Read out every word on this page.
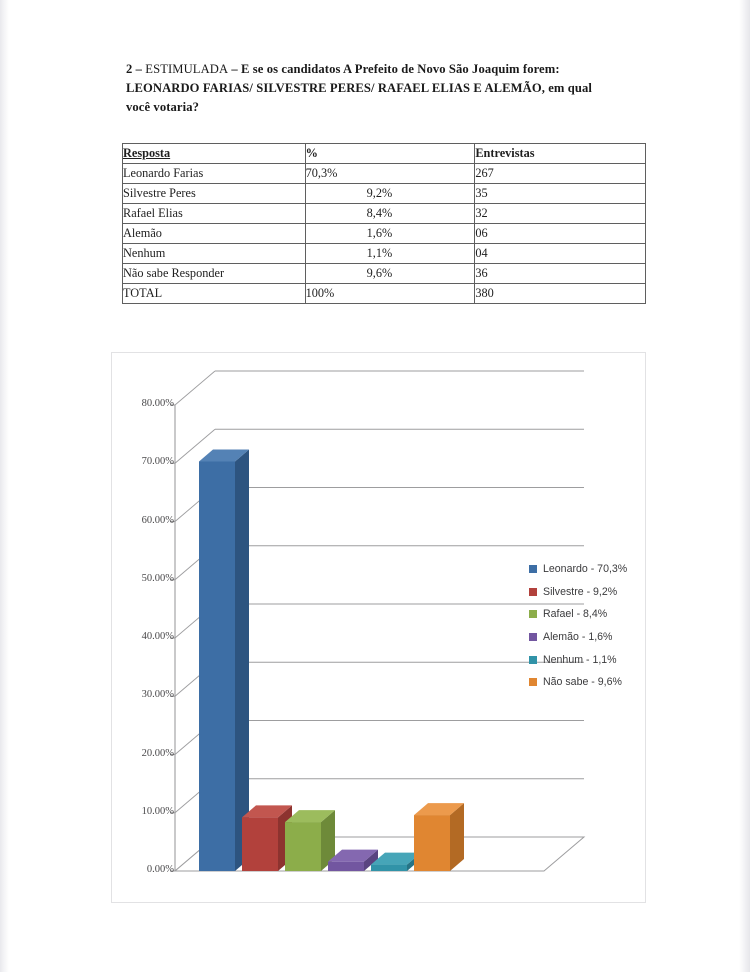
2 – ESTIMULADA – E se os candidatos A Prefeito de Novo São Joaquim forem: LEONARDO FARIAS/ SILVESTRE PERES/ RAFAEL ELIAS E ALEMÃO, em qual você votaria?
Resposta	%	Entrevistas
Leonardo Farias	70,3%	267
Silvestre Peres	9,2%	35
Rafael Elias	8,4%	32
Alemão	1,6%	06
Nenhum	1,1%	04
Não sabe Responder	9,6%	36
TOTAL	100%	380
0.00%
10.00%
20.00%
30.00%
40.00%
50.00%
60.00%
70.00%
80.00%
Leonardo - 70,3%
Silvestre - 9,2%
Rafael - 8,4%
Alemão - 1,6%
Nenhum - 1,1%
Não sabe - 9,6%
